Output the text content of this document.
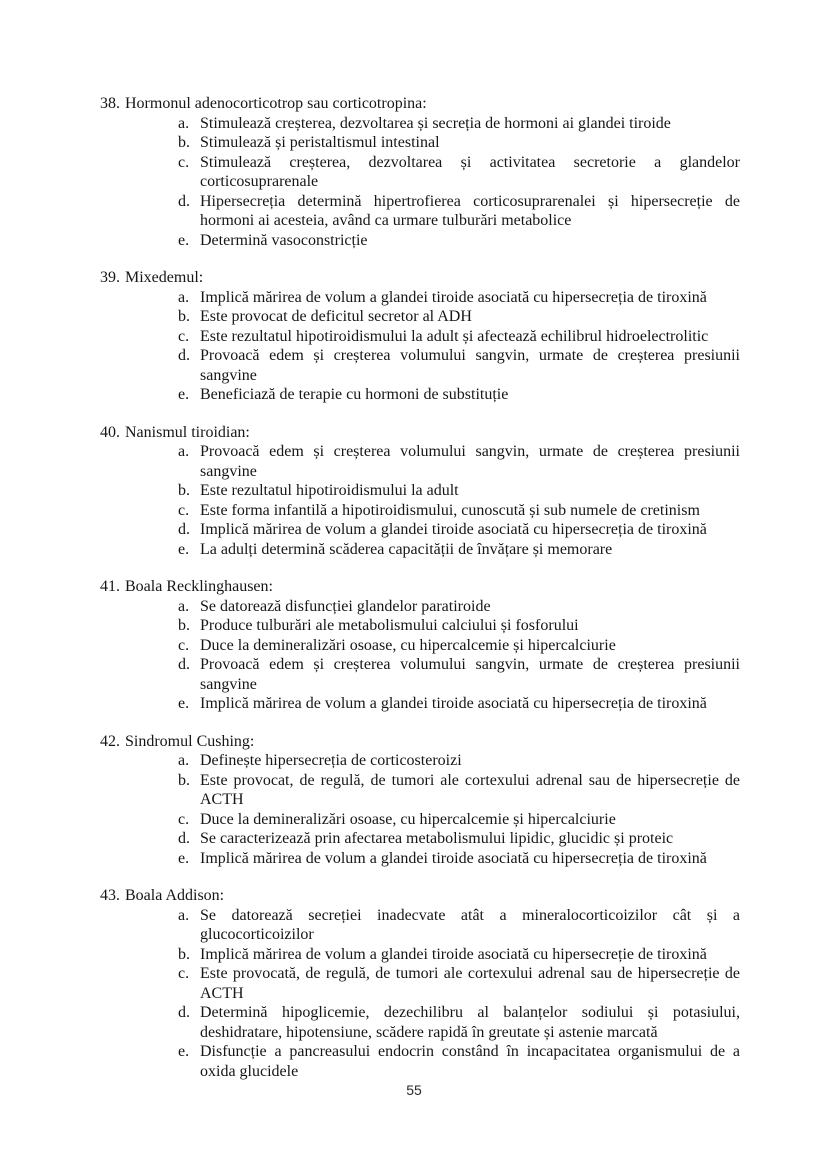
38. Hormonul adenocorticotrop sau corticotropina:
a. Stimulează creșterea, dezvoltarea și secreția de hormoni ai glandei tiroide
b. Stimulează și peristaltismul intestinal
c. Stimulează creșterea, dezvoltarea și activitatea secretorie a glandelor corticosuprarenale
d. Hipersecreția determină hipertrofierea corticosuprarenalei și hipersecreție de hormoni ai acesteia, având ca urmare tulburări metabolice
e. Determină vasoconstricție
39. Mixedemul:
a. Implică mărirea de volum a glandei tiroide asociată cu hipersecreția de tiroxină
b. Este provocat de deficitul secretor al ADH
c. Este rezultatul hipotiroidismului la adult și afectează echilibrul hidroelectrolitic
d. Provoacă edem și creșterea volumului sangvin, urmate de creșterea presiunii sangvine
e. Beneficiază de terapie cu hormoni de substituție
40. Nanismul tiroidian:
a. Provoacă edem și creșterea volumului sangvin, urmate de creșterea presiunii sangvine
b. Este rezultatul hipotiroidismului la adult
c. Este forma infantilă a hipotiroidismului, cunoscută și sub numele de cretinism
d. Implică mărirea de volum a glandei tiroide asociată cu hipersecreția de tiroxină
e. La adulți determină scăderea capacității de învățare și memorare
41. Boala Recklinghausen:
a. Se datorează disfuncției glandelor paratiroide
b. Produce tulburări ale metabolismului calciului și fosforului
c. Duce la demineralizări osoase, cu hipercalcemie și hipercalciurie
d. Provoacă edem și creșterea volumului sangvin, urmate de creșterea presiunii sangvine
e. Implică mărirea de volum a glandei tiroide asociată cu hipersecreția de tiroxină
42. Sindromul Cushing:
a. Definește hipersecreția de corticosteroizi
b. Este provocat, de regulă, de tumori ale cortexului adrenal sau de hipersecreție de ACTH
c. Duce la demineralizări osoase, cu hipercalcemie și hipercalciurie
d. Se caracterizează prin afectarea metabolismului lipidic, glucidic și proteic
e. Implică mărirea de volum a glandei tiroide asociată cu hipersecreția de tiroxină
43. Boala Addison:
a. Se datorează secreției inadecvate atât a mineralocorticoizilor cât și a glucocorticoizilor
b. Implică mărirea de volum a glandei tiroide asociată cu hipersecreție de tiroxină
c. Este provocată, de regulă, de tumori ale cortexului adrenal sau de hipersecreție de ACTH
d. Determină hipoglicemie, dezechilibru al balanțelor sodiului și potasiului, deshidratare, hipotensiune, scădere rapidă în greutate și astenie marcată
e. Disfuncție a pancreasului endocrin constând în incapacitatea organismului de a oxida glucidele
55
